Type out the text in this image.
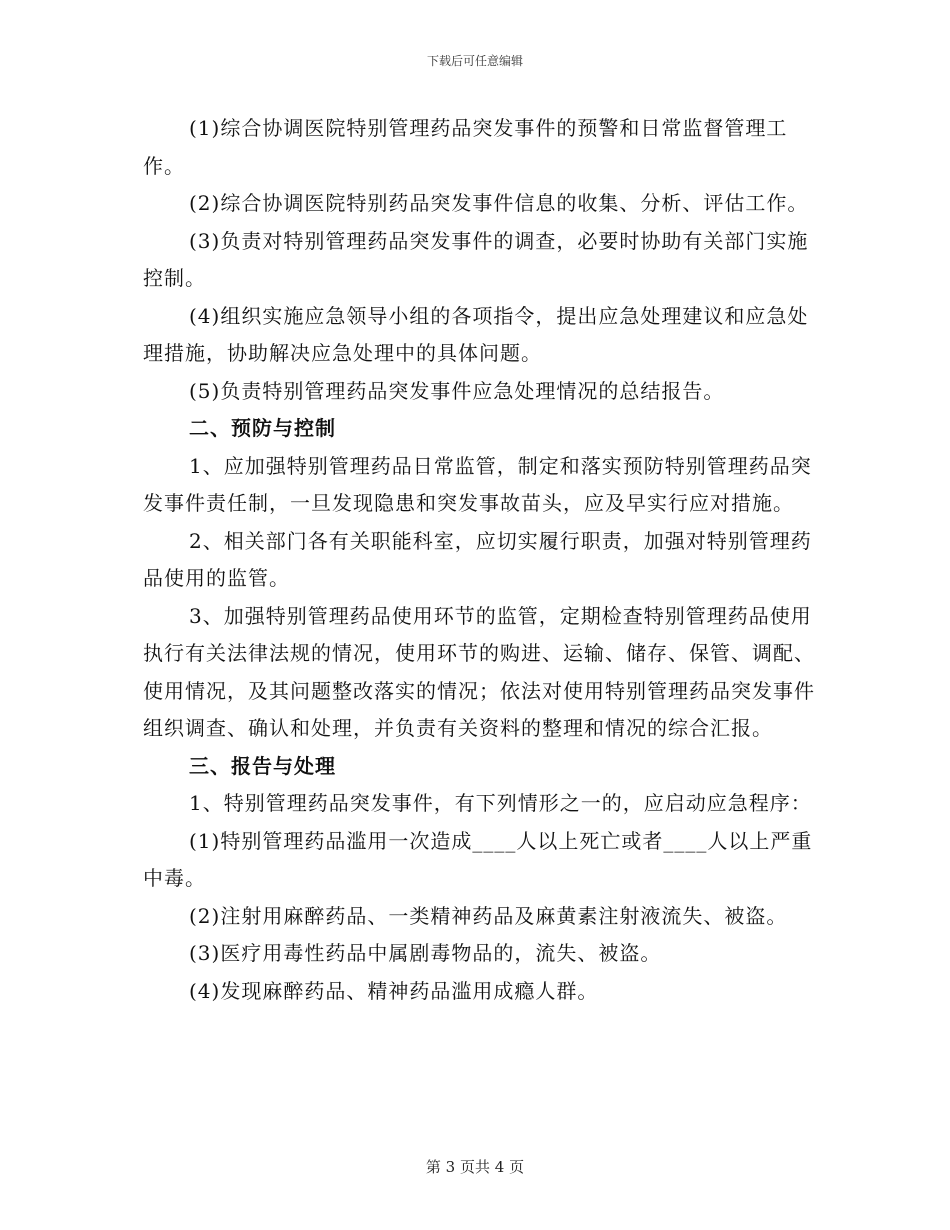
下载后可任意编辑

(1)综合协调医院特别管理药品突发事件的预警和日常监督管理工作。

(2)综合协调医院特别药品突发事件信息的收集、分析、评估工作。

(3)负责对特别管理药品突发事件的调查，必要时协助有关部门实施控制。

(4)组织实施应急领导小组的各项指令，提出应急处理建议和应急处理措施，协助解决应急处理中的具体问题。

(5)负责特别管理药品突发事件应急处理情况的总结报告。

二、预防与控制

1、应加强特别管理药品日常监管，制定和落实预防特别管理药品突发事件责任制，一旦发现隐患和突发事故苗头，应及早实行应对措施。

2、相关部门各有关职能科室，应切实履行职责，加强对特别管理药品使用的监管。

3、加强特别管理药品使用环节的监管，定期检查特别管理药品使用执行有关法律法规的情况，使用环节的购进、运输、储存、保管、调配、使用情况，及其问题整改落实的情况；依法对使用特别管理药品突发事件组织调查、确认和处理，并负责有关资料的整理和情况的综合汇报。

三、报告与处理

1、特别管理药品突发事件，有下列情形之一的，应启动应急程序：

(1)特别管理药品滥用一次造成____人以上死亡或者____人以上严重中毒。

(2)注射用麻醉药品、一类精神药品及麻黄素注射液流失、被盗。

(3)医疗用毒性药品中属剧毒物品的，流失、被盗。

(4)发现麻醉药品、精神药品滥用成瘾人群。

第 3 页共 4 页
